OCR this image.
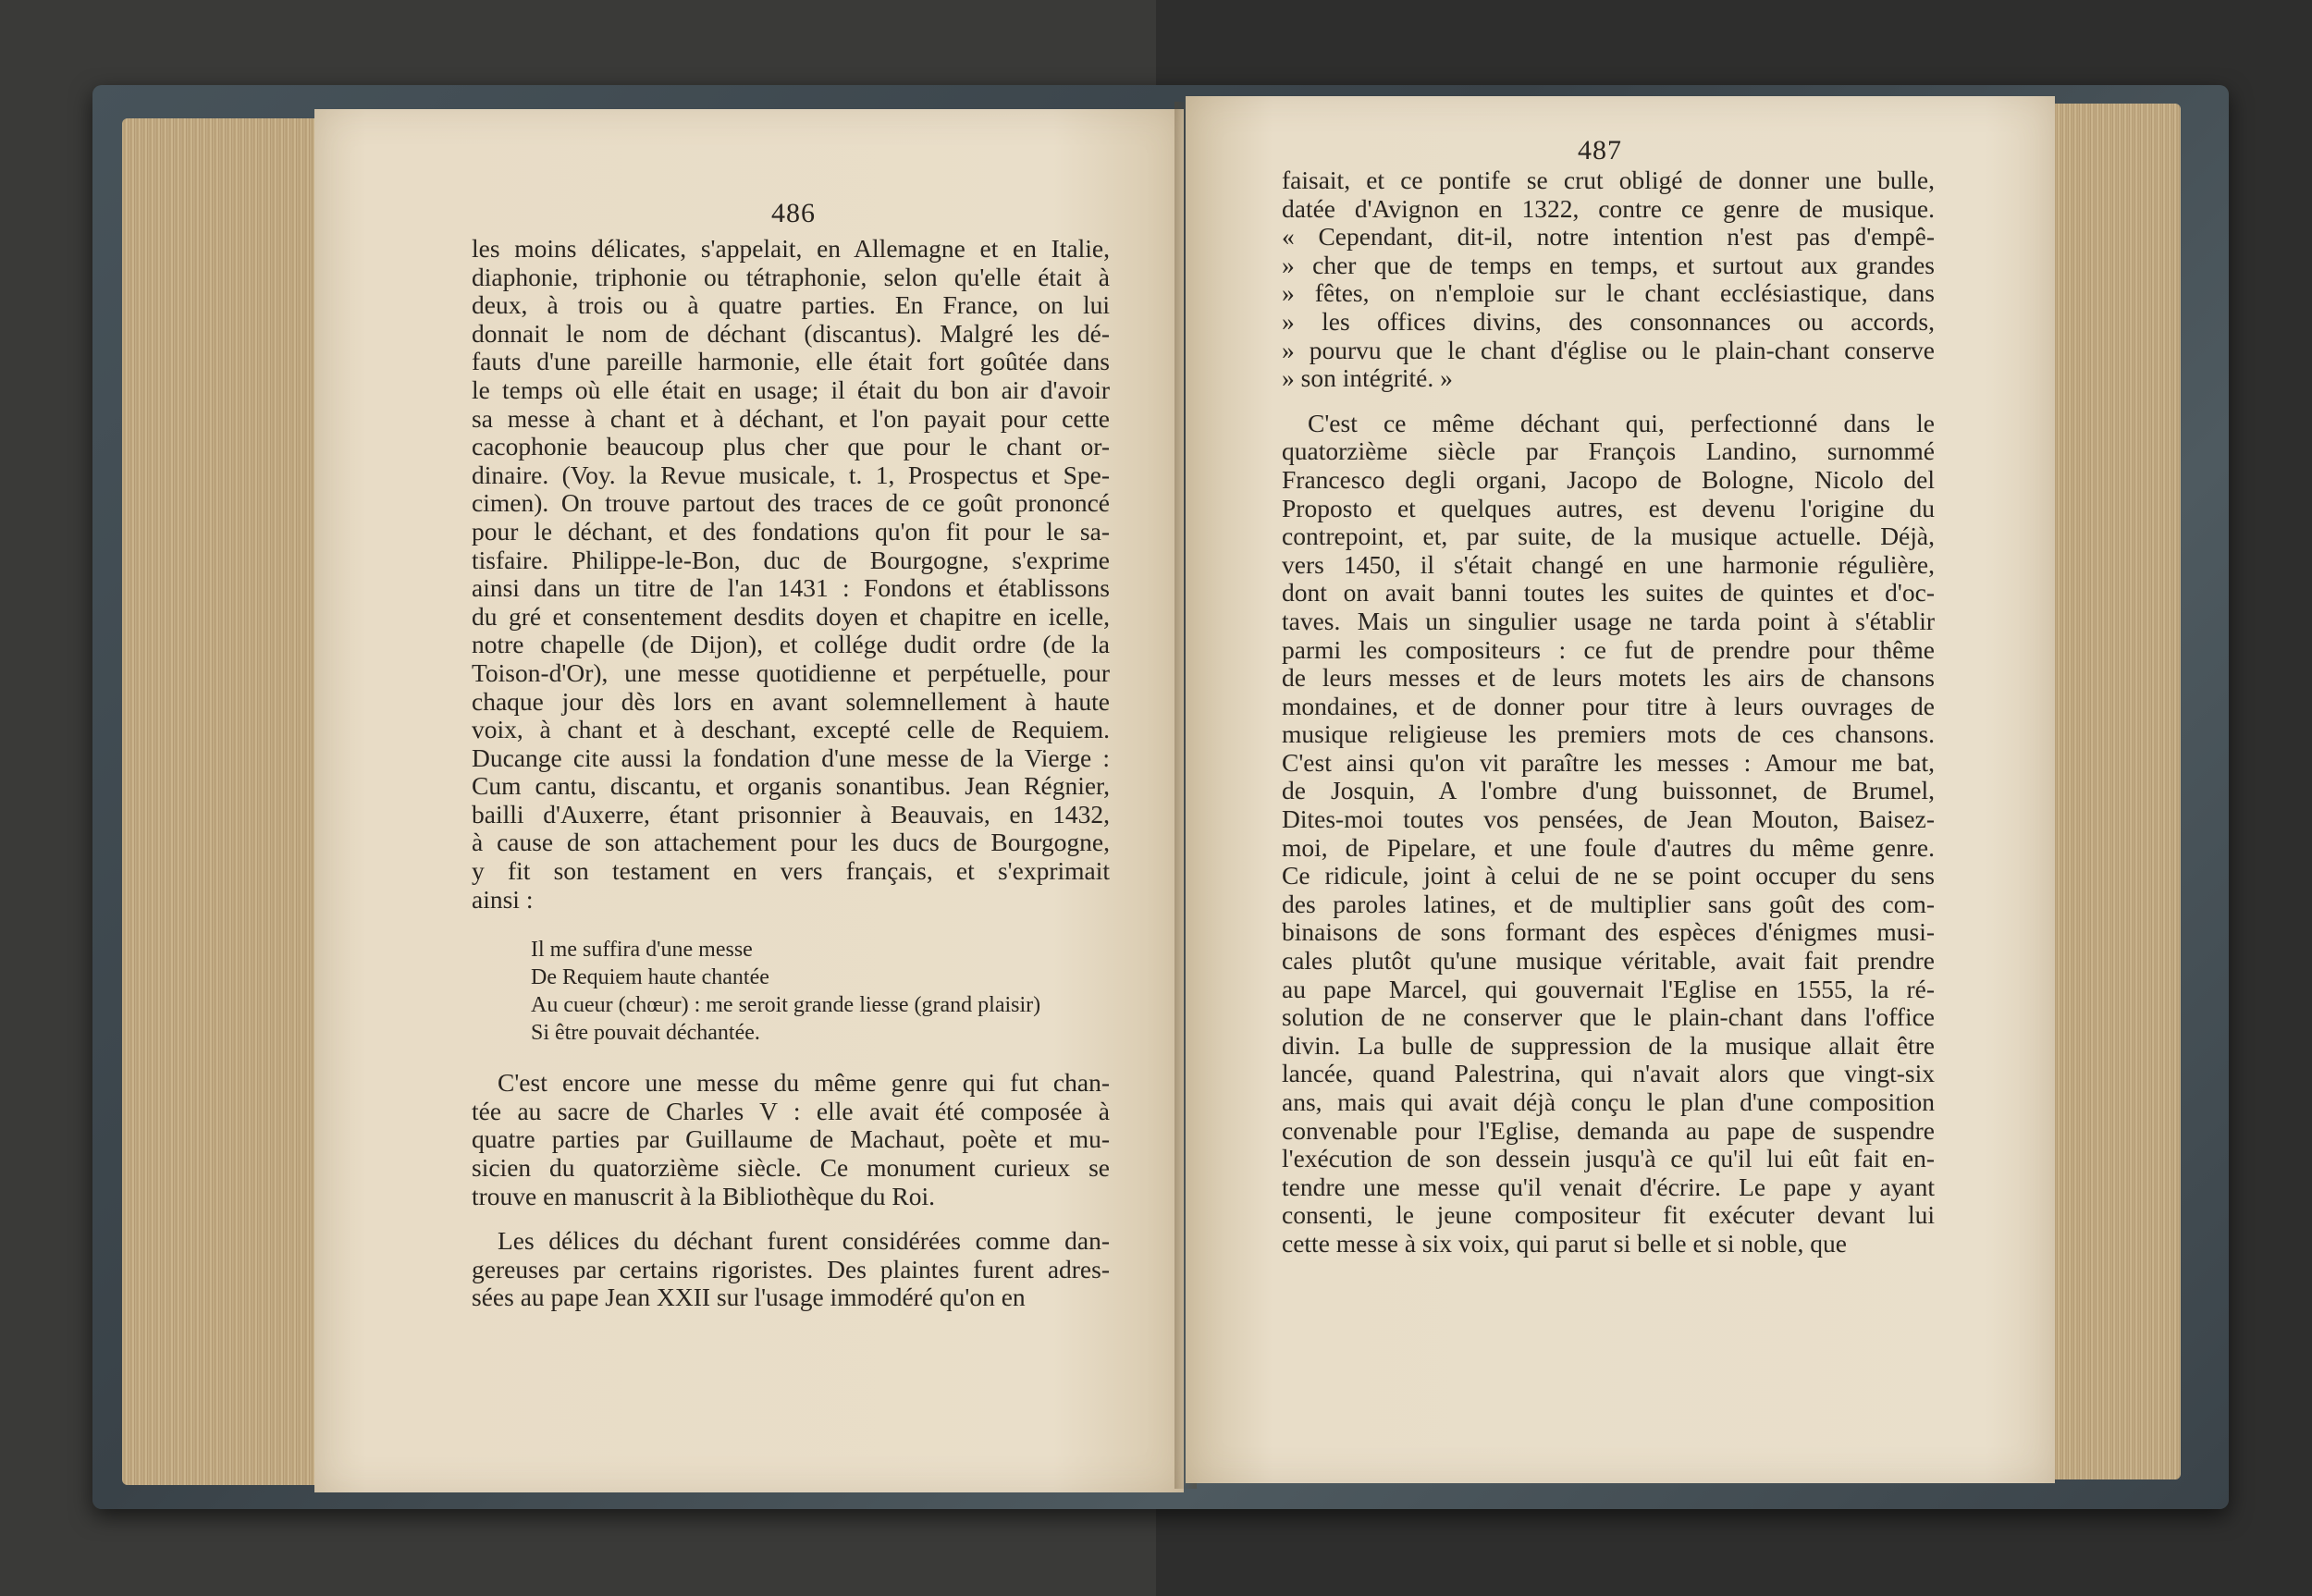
486

les moins délicates, s'appelait, en Allemagne et en Italie,
diaphonie, triphonie ou tétraphonie, selon qu'elle était à
deux, à trois ou à quatre parties. En France, on lui
donnait le nom de déchant (discantus). Malgré les dé-
fauts d'une pareille harmonie, elle était fort goûtée dans
le temps où elle était en usage; il était du bon air d'avoir
sa messe à chant et à déchant, et l'on payait pour cette
cacophonie beaucoup plus cher que pour le chant or-
dinaire. (Voy. la Revue musicale, t. 1, Prospectus et Spe-
cimen). On trouve partout des traces de ce goût prononcé
pour le déchant, et des fondations qu'on fit pour le sa-
tisfaire. Philippe-le-Bon, duc de Bourgogne, s'exprime
ainsi dans un titre de l'an 1431 : Fondons et établissons
du gré et consentement desdits doyen et chapitre en icelle,
notre chapelle (de Dijon), et collége dudit ordre (de la
Toison-d'Or), une messe quotidienne et perpétuelle, pour
chaque jour dès lors en avant solemnellement à haute
voix, à chant et à deschant, excepté celle de Requiem.
Ducange cite aussi la fondation d'une messe de la Vierge :
Cum cantu, discantu, et organis sonantibus. Jean Régnier,
bailli d'Auxerre, étant prisonnier à Beauvais, en 1432,
à cause de son attachement pour les ducs de Bourgogne,
y fit son testament en vers français, et s'exprimait
ainsi :

Il me suffira d'une messe
De Requiem haute chantée
Au cueur (chœur) : me seroit grande liesse (grand plaisir)
Si être pouvait déchantée.

C'est encore une messe du même genre qui fut chan-
tée au sacre de Charles V : elle avait été composée à
quatre parties par Guillaume de Machaut, poète et mu-
sicien du quatorzième siècle. Ce monument curieux se
trouve en manuscrit à la Bibliothèque du Roi.

Les délices du déchant furent considérées comme dan-
gereuses par certains rigoristes. Des plaintes furent adres-
sées au pape Jean XXII sur l'usage immodéré qu'on en

487

faisait, et ce pontife se crut obligé de donner une bulle,
datée d'Avignon en 1322, contre ce genre de musique.
« Cependant, dit-il, notre intention n'est pas d'empê-
» cher que de temps en temps, et surtout aux grandes
» fêtes, on n'emploie sur le chant ecclésiastique, dans
» les offices divins, des consonnances ou accords,
» pourvu que le chant d'église ou le plain-chant conserve
» son intégrité. »

C'est ce même déchant qui, perfectionné dans le
quatorzième siècle par François Landino, surnommé
Francesco degli organi, Jacopo de Bologne, Nicolo del
Proposto et quelques autres, est devenu l'origine du
contrepoint, et, par suite, de la musique actuelle. Déjà,
vers 1450, il s'était changé en une harmonie régulière,
dont on avait banni toutes les suites de quintes et d'oc-
taves. Mais un singulier usage ne tarda point à s'établir
parmi les compositeurs : ce fut de prendre pour thême
de leurs messes et de leurs motets les airs de chansons
mondaines, et de donner pour titre à leurs ouvrages de
musique religieuse les premiers mots de ces chansons.
C'est ainsi qu'on vit paraître les messes : Amour me bat,
de Josquin, A l'ombre d'ung buissonnet, de Brumel,
Dites-moi toutes vos pensées, de Jean Mouton, Baisez-
moi, de Pipelare, et une foule d'autres du même genre.
Ce ridicule, joint à celui de ne se point occuper du sens
des paroles latines, et de multiplier sans goût des com-
binaisons de sons formant des espèces d'énigmes musi-
cales plutôt qu'une musique véritable, avait fait prendre
au pape Marcel, qui gouvernait l'Eglise en 1555, la ré-
solution de ne conserver que le plain-chant dans l'office
divin. La bulle de suppression de la musique allait être
lancée, quand Palestrina, qui n'avait alors que vingt-six
ans, mais qui avait déjà conçu le plan d'une composition
convenable pour l'Eglise, demanda au pape de suspendre
l'exécution de son dessein jusqu'à ce qu'il lui eût fait en-
tendre une messe qu'il venait d'écrire. Le pape y ayant
consenti, le jeune compositeur fit exécuter devant lui
cette messe à six voix, qui parut si belle et si noble, que
